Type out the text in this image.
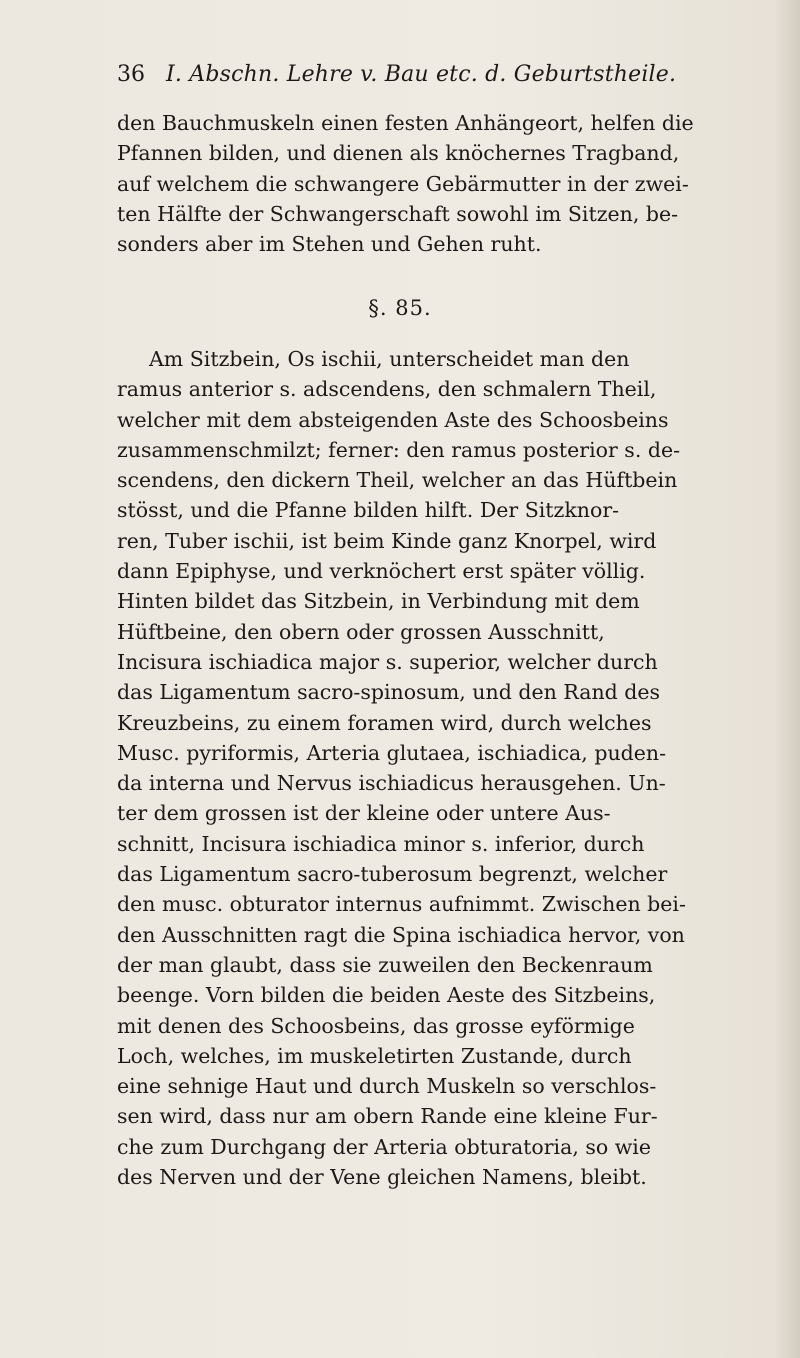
36 I. Abschn. Lehre v. Bau etc. d. Geburtstheile.
den Bauchmuskeln einen festen Anhängeort, helfen die
Pfannen bilden, und dienen als knöchernes Tragband,
auf welchem die schwangere Gebärmutter in der zwei-
ten Hälfte der Schwangerschaft sowohl im Sitzen, be-
sonders aber im Stehen und Gehen ruht.
§. 85.
Am Sitzbein, Os ischii, unterscheidet man den
ramus anterior s. adscendens, den schmalern Theil,
welcher mit dem absteigenden Aste des Schoosbeins
zusammenschmilzt; ferner: den ramus posterior s. de-
scendens, den dickern Theil, welcher an das Hüftbein
stösst, und die Pfanne bilden hilft. Der Sitzknor-
ren, Tuber ischii, ist beim Kinde ganz Knorpel, wird
dann Epiphyse, und verknöchert erst später völlig.
Hinten bildet das Sitzbein, in Verbindung mit dem
Hüftbeine, den obern oder grossen Ausschnitt,
Incisura ischiadica major s. superior, welcher durch
das Ligamentum sacro-spinosum, und den Rand des
Kreuzbeins, zu einem foramen wird, durch welches
Musc. pyriformis, Arteria glutaea, ischiadica, puden-
da interna und Nervus ischiadicus herausgehen. Un-
ter dem grossen ist der kleine oder untere Aus-
schnitt, Incisura ischiadica minor s. inferior, durch
das Ligamentum sacro-tuberosum begrenzt, welcher
den musc. obturator internus aufnimmt. Zwischen bei-
den Ausschnitten ragt die Spina ischiadica hervor, von
der man glaubt, dass sie zuweilen den Beckenraum
beenge. Vorn bilden die beiden Aeste des Sitzbeins,
mit denen des Schoosbeins, das grosse eyförmige
Loch, welches, im muskeletirten Zustande, durch
eine sehnige Haut und durch Muskeln so verschlos-
sen wird, dass nur am obern Rande eine kleine Fur-
che zum Durchgang der Arteria obturatoria, so wie
des Nerven und der Vene gleichen Namens, bleibt.
